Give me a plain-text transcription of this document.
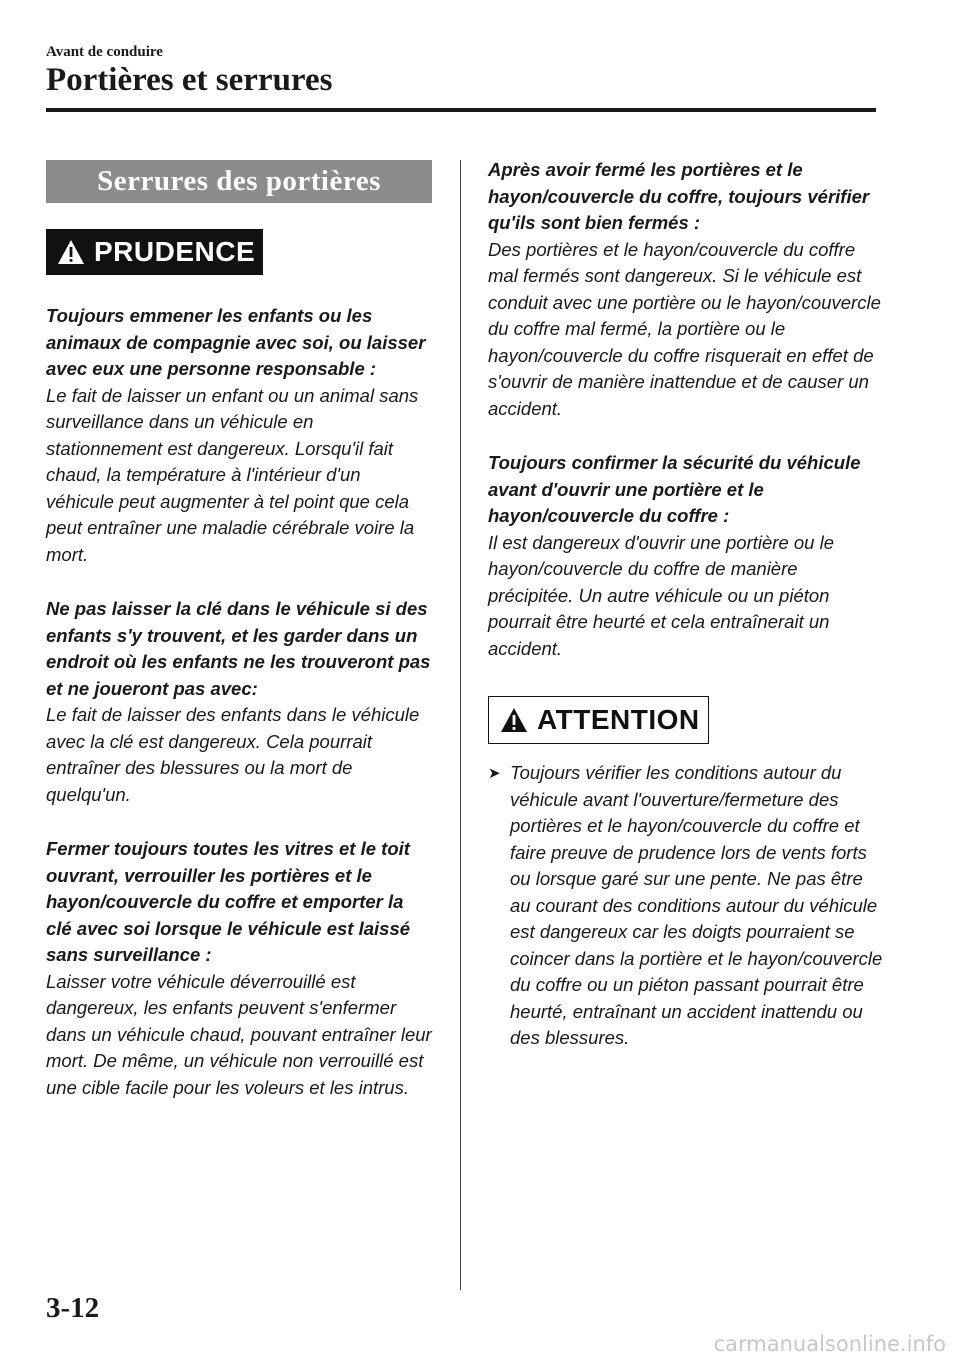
Avant de conduire
Portières et serrures
Serrures des portières
PRUDENCE
Toujours emmener les enfants ou les animaux de compagnie avec soi, ou laisser avec eux une personne responsable :
Le fait de laisser un enfant ou un animal sans surveillance dans un véhicule en stationnement est dangereux. Lorsqu'il fait chaud, la température à l'intérieur d'un véhicule peut augmenter à tel point que cela peut entraîner une maladie cérébrale voire la mort.
Ne pas laisser la clé dans le véhicule si des enfants s'y trouvent, et les garder dans un endroit où les enfants ne les trouveront pas et ne joueront pas avec:
Le fait de laisser des enfants dans le véhicule avec la clé est dangereux. Cela pourrait entraîner des blessures ou la mort de quelqu'un.
Fermer toujours toutes les vitres et le toit ouvrant, verrouiller les portières et le hayon/couvercle du coffre et emporter la clé avec soi lorsque le véhicule est laissé sans surveillance :
Laisser votre véhicule déverrouillé est dangereux, les enfants peuvent s'enfermer dans un véhicule chaud, pouvant entraîner leur mort. De même, un véhicule non verrouillé est une cible facile pour les voleurs et les intrus.
Après avoir fermé les portières et le hayon/couvercle du coffre, toujours vérifier qu'ils sont bien fermés :
Des portières et le hayon/couvercle du coffre mal fermés sont dangereux. Si le véhicule est conduit avec une portière ou le hayon/couvercle du coffre mal fermé, la portière ou le hayon/couvercle du coffre risquerait en effet de s'ouvrir de manière inattendue et de causer un accident.
Toujours confirmer la sécurité du véhicule avant d'ouvrir une portière et le hayon/couvercle du coffre :
Il est dangereux d'ouvrir une portière ou le hayon/couvercle du coffre de manière précipitée. Un autre véhicule ou un piéton pourrait être heurté et cela entraînerait un accident.
ATTENTION
➤ Toujours vérifier les conditions autour du véhicule avant l'ouverture/fermeture des portières et le hayon/couvercle du coffre et faire preuve de prudence lors de vents forts ou lorsque garé sur une pente. Ne pas être au courant des conditions autour du véhicule est dangereux car les doigts pourraient se coincer dans la portière et le hayon/couvercle du coffre ou un piéton passant pourrait être heurté, entraînant un accident inattendu ou des blessures.
3-12
carmanualsonline.info
